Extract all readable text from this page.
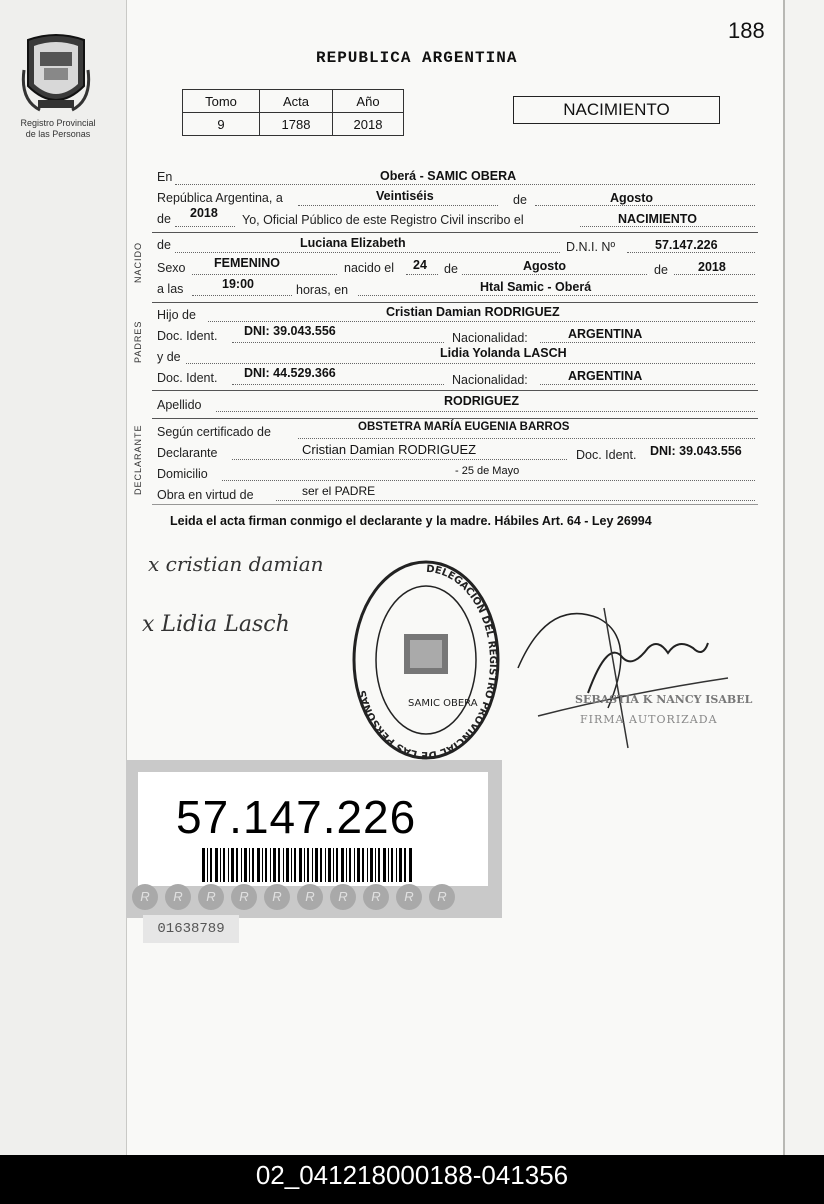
188
Registro Provincial
de las Personas
REPUBLICA ARGENTINA
Tomo	Acta	Año
9	1788	2018
NACIMIENTO
En	Oberá - SAMIC OBERA
República Argentina, a	Veintiséis	de	Agosto
de 2018 Yo, Oficial Público de este Registro Civil inscribo el	NACIMIENTO
NACIDO de	Luciana Elizabeth	D.N.I. Nº	57.147.226
Sexo FEMENINO	nacido el 24 de	Agosto	de 2018
a las	19:00	horas, en	Htal Samic - Oberá
PADRES
Hijo de	Cristian Damian RODRIGUEZ
Doc. Ident. DNI: 39.043.556	Nacionalidad:	ARGENTINA
y de	Lidia Yolanda LASCH
Doc. Ident. DNI: 44.529.366	Nacionalidad:	ARGENTINA
Apellido	RODRIGUEZ
DECLARANTE Según certificado de	OBSTETRA MARÍA EUGENIA BARROS
Declarante	Cristian Damian RODRIGUEZ	Doc. Ident. DNI: 39.043.556
Domicilio	- 25 de Mayo
Obra en virtud de	ser el PADRE
Leida el acta firman conmigo el declarante y la madre. Hábiles Art. 64 - Ley 26994
x cristian damian
x Lidia Lasch
DELEGACIÓN DEL REGISTRO PROVINCIAL DE LAS PERSONAS
SAMIC OBERA	SEBASTIA K NANCY ISABEL
FIRMA AUTORIZADA
57.147.226
R R R R R R R R R R
01638789
02_041218000188-041356
